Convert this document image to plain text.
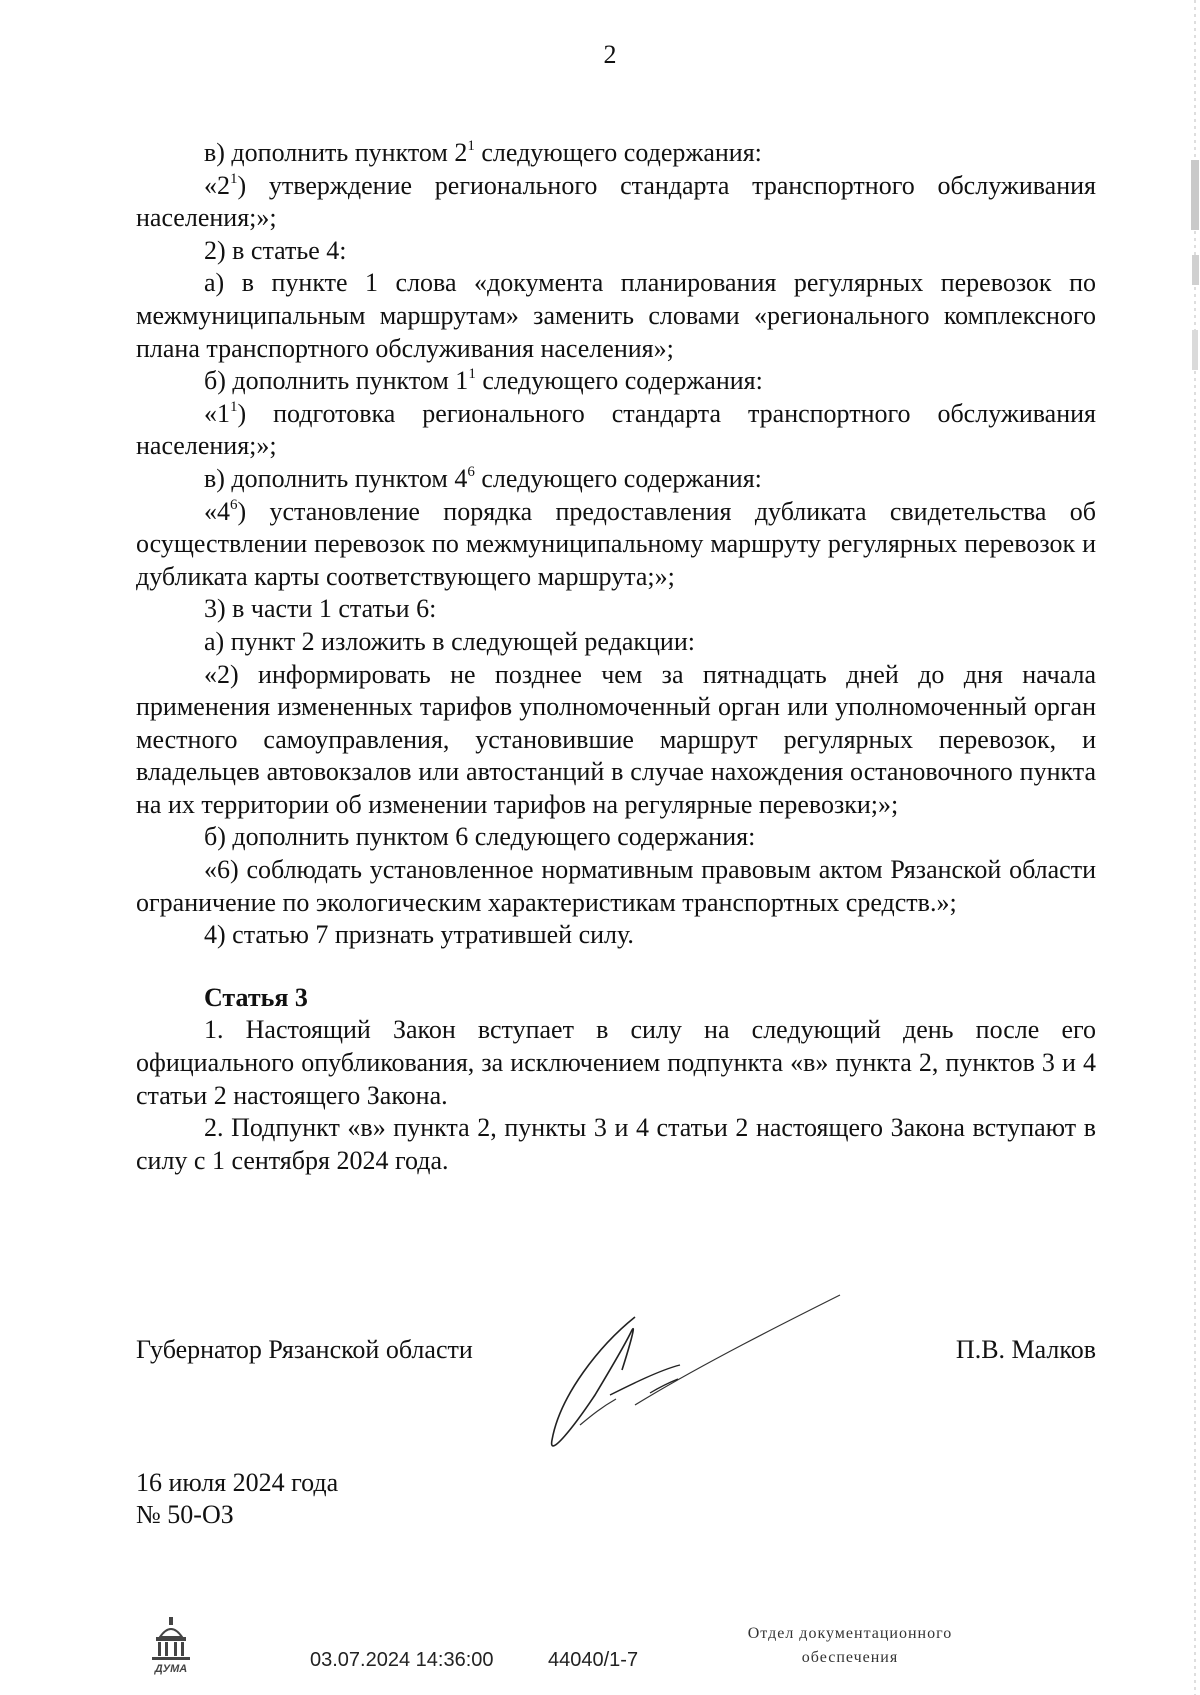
2

в) дополнить пунктом $2^1$ следующего содержания:

«$2^1$) утверждение регионального стандарта транспортного обслуживания населения;»;

2) в статье 4:

а) в пункте 1 слова «документа планирования регулярных перевозок по межмуниципальным маршрутам» заменить словами «регионального комплексного плана транспортного обслуживания населения»;

б) дополнить пунктом $1^1$ следующего содержания:

«$1^1$) подготовка регионального стандарта транспортного обслуживания населения;»;

в) дополнить пунктом $4^6$ следующего содержания:

«$4^6$) установление порядка предоставления дубликата свидетельства об осуществлении перевозок по межмуниципальному маршруту регулярных перевозок и дубликата карты соответствующего маршрута;»;

3) в части 1 статьи 6:

а) пункт 2 изложить в следующей редакции:

«2) информировать не позднее чем за пятнадцать дней до дня начала применения измененных тарифов уполномоченный орган или уполномоченный орган местного самоуправления, установившие маршрут регулярных перевозок, и владельцев автовокзалов или автостанций в случае нахождения остановочного пункта на их территории об изменении тарифов на регулярные перевозки;»;

б) дополнить пунктом 6 следующего содержания:

«6) соблюдать установленное нормативным правовым актом Рязанской области ограничение по экологическим характеристикам транспортных средств.»;

4) статью 7 признать утратившей силу.

Статья 3

1. Настоящий Закон вступает в силу на следующий день после его официального опубликования, за исключением подпункта «в» пункта 2, пунктов 3 и 4 статьи 2 настоящего Закона.

2. Подпункт «в» пункта 2, пункты 3 и 4 статьи 2 настоящего Закона вступают в силу с 1 сентября 2024 года.

Губернатор Рязанской области	П.В. Малков
16 июля 2024 года
№ 50-ОЗ
ДУМА	03.07.2024 14:36:00	44040/1-7
Отдел документационного
обеспечения
